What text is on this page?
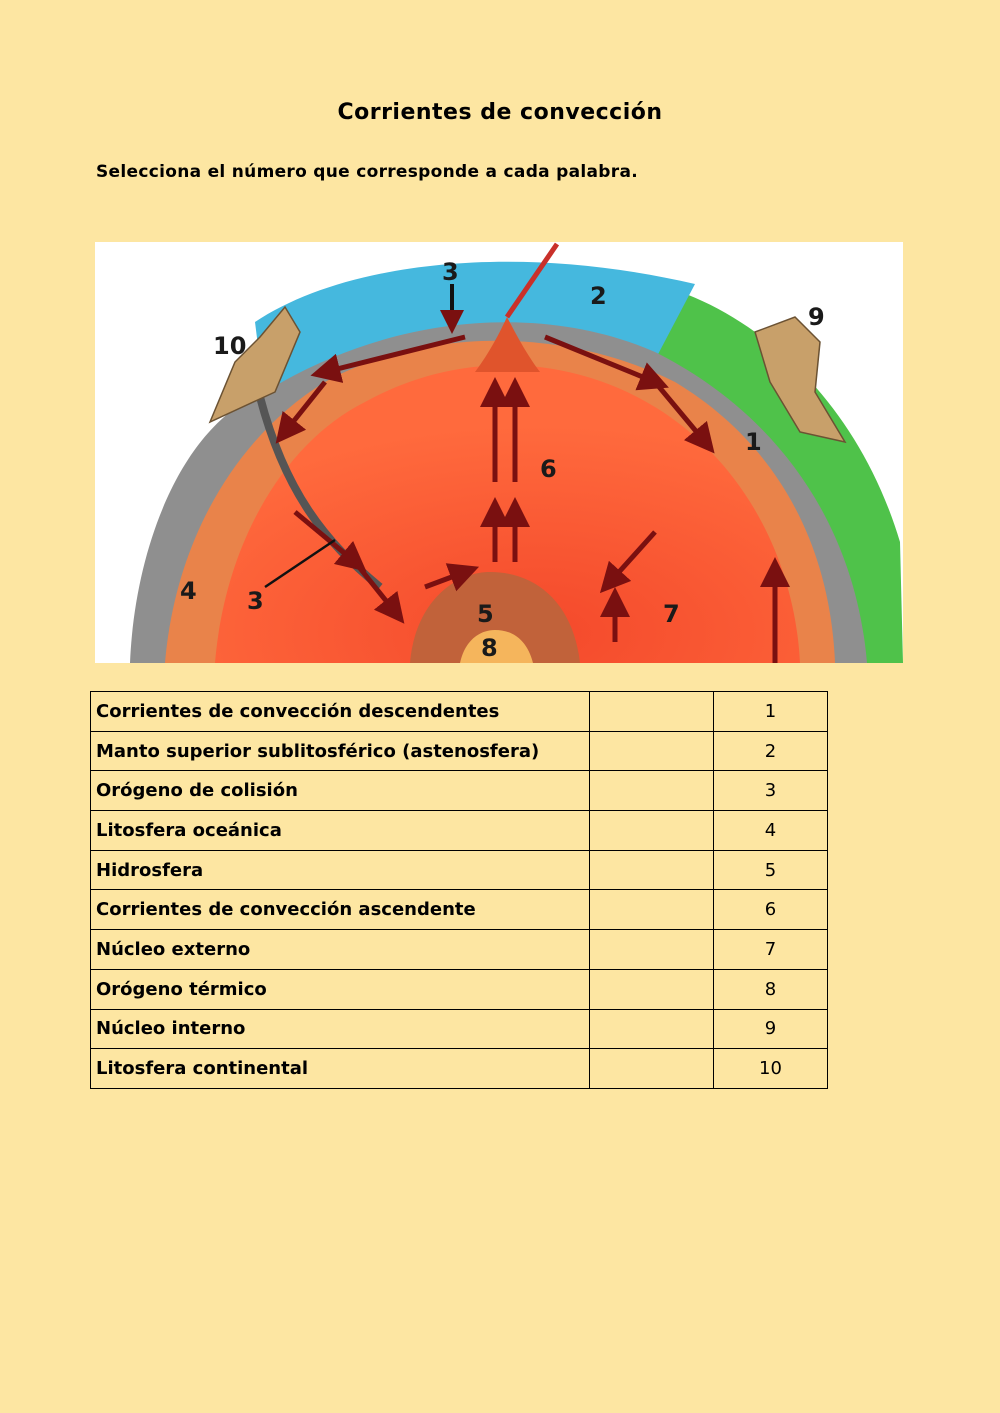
Corrientes de convección
Selecciona el número que corresponde a cada palabra.
3
2
9
10
1
6
4 3	5	7
8
Corrientes de convección descendentes		1
Manto superior sublitosférico (astenosfera)		2
Orógeno de colisión		3
Litosfera oceánica		4
Hidrosfera		5
Corrientes de convección ascendente		6
Núcleo externo		7
Orógeno térmico		8
Núcleo interno		9
Litosfera continental		10
